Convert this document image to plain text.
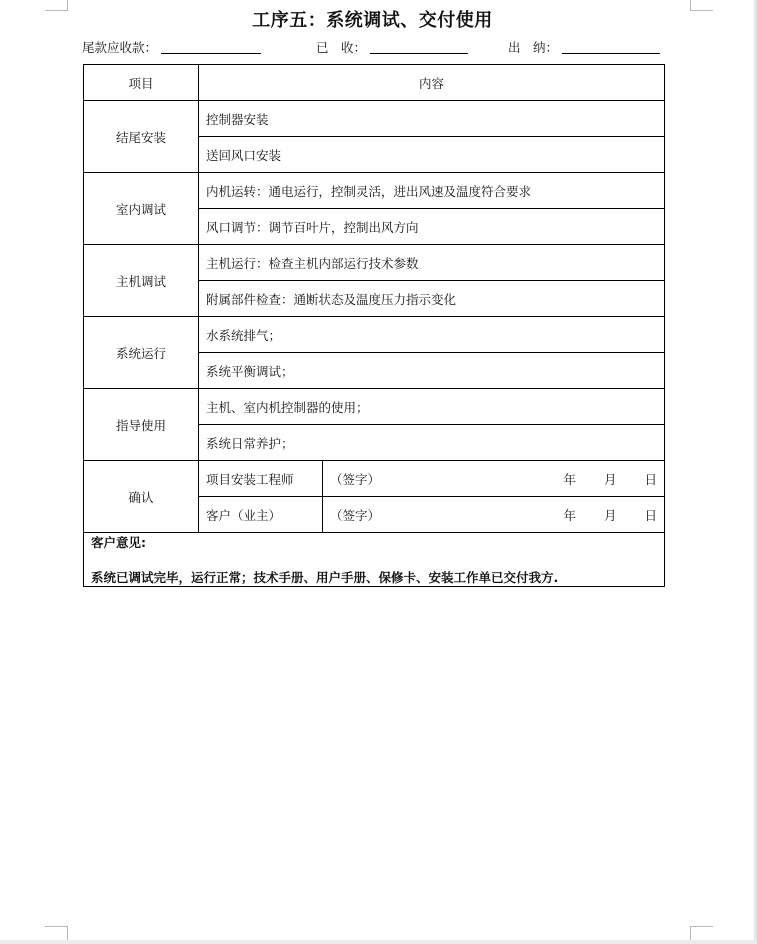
工序五：系统调试、交付使用
尾款应收款：	已　收：	出　纳：
项目	内容	
结尾安装	控制器安装	
	送回风口安装	
室内调试	内机运转：通电运行，控制灵活，进出风速及温度符合要求	
	风口调节：调节百叶片，控制出风方向	
主机调试	主机运行：检查主机内部运行技术参数	
	附属部件检查：通断状态及温度压力指示变化	
系统运行	水系统排气；	
	系统平衡调试；	
指导使用	主机、室内机控制器的使用；	
	系统日常养护；	
确认	项目安装工程师	（签字） 年 月 日

	客户（业主）	（签字） 年 月 日

客户意见:
系统已调试完毕，运行正常；技术手册、用户手册、保修卡、安装工作单已交付我方.		
